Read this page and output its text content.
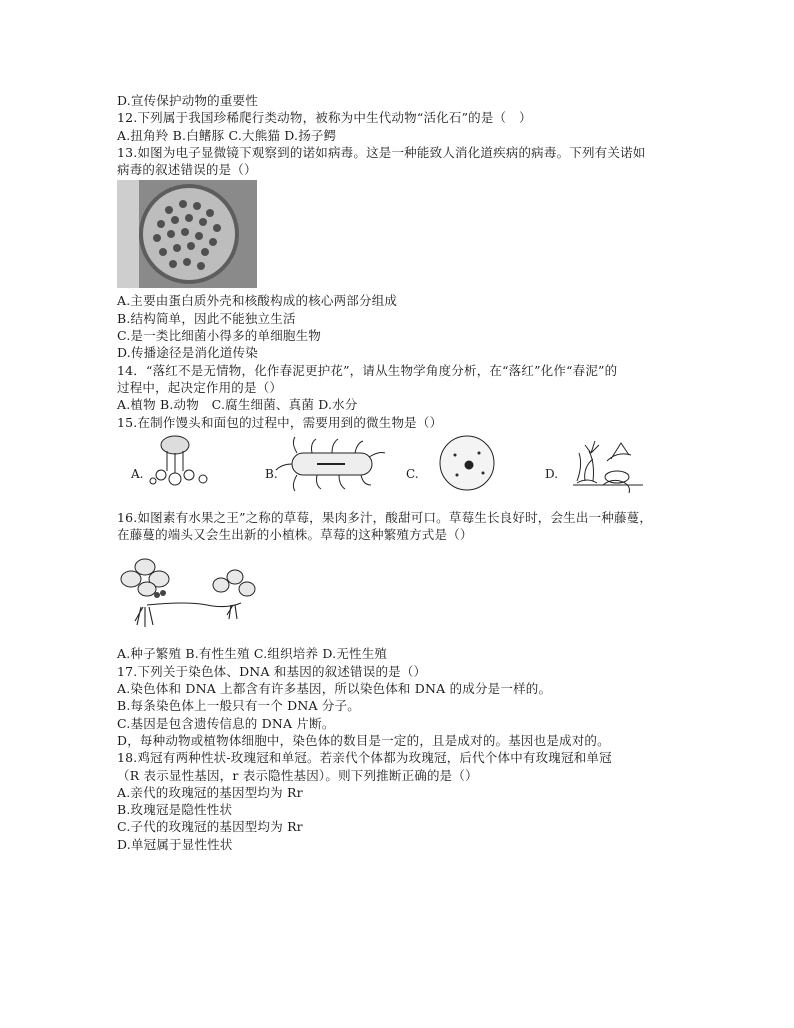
D.宣传保护动物的重要性
12.下列属于我国珍稀爬行类动物，被称为中生代动物“活化石”的是（　）
A.扭角羚 B.白鳍豚 C.大熊猫 D.扬子鳄
13.如图为电子显微镜下观察到的诺如病毒。这是一种能致人消化道疾病的病毒。下列有关诺如
病毒的叙述错误的是（）
A.主要由蛋白质外壳和核酸构成的核心两部分组成
B.结构简单，因此不能独立生活
C.是一类比细菌小得多的单细胞生物
D.传播途径是消化道传染
14．“落红不是无情物，化作春泥更护花”，请从生物学角度分析，在“落红”化作“春泥”的
过程中，起决定作用的是（）
A.植物 B.动物　C.腐生细菌、真菌 D.水分
15.在制作馒头和面包的过程中，需要用到的微生物是（）
A.	B.	C.	D.
16.如图素有水果之王”之称的草莓，果肉多汁，酸甜可口。草莓生长良好时，会生出一种藤蔓，
在藤蔓的端头又会生出新的小植株。草莓的这种繁殖方式是（）
A.种子繁殖 B.有性生殖 C.组织培养 D.无性生殖
17.下列关于染色体、DNA 和基因的叙述错误的是（）
A.染色体和 DNA 上都含有许多基因，所以染色体和 DNA 的成分是一样的。
B.每条染色体上一般只有一个 DNA 分子。
C.基因是包含遗传信息的 DNA 片断。
D，每种动物或植物体细胞中，染色体的数目是一定的，且是成对的。基因也是成对的。
18.鸡冠有两种性状-玫瑰冠和单冠。若亲代个体都为玫瑰冠，后代个体中有玫瑰冠和单冠
（R 表示显性基因，r 表示隐性基因）。则下列推断正确的是（）
A.亲代的玫瑰冠的基因型均为 Rr
B.玫瑰冠是隐性性状
C.子代的玫瑰冠的基因型均为 Rr
D.单冠属于显性性状
